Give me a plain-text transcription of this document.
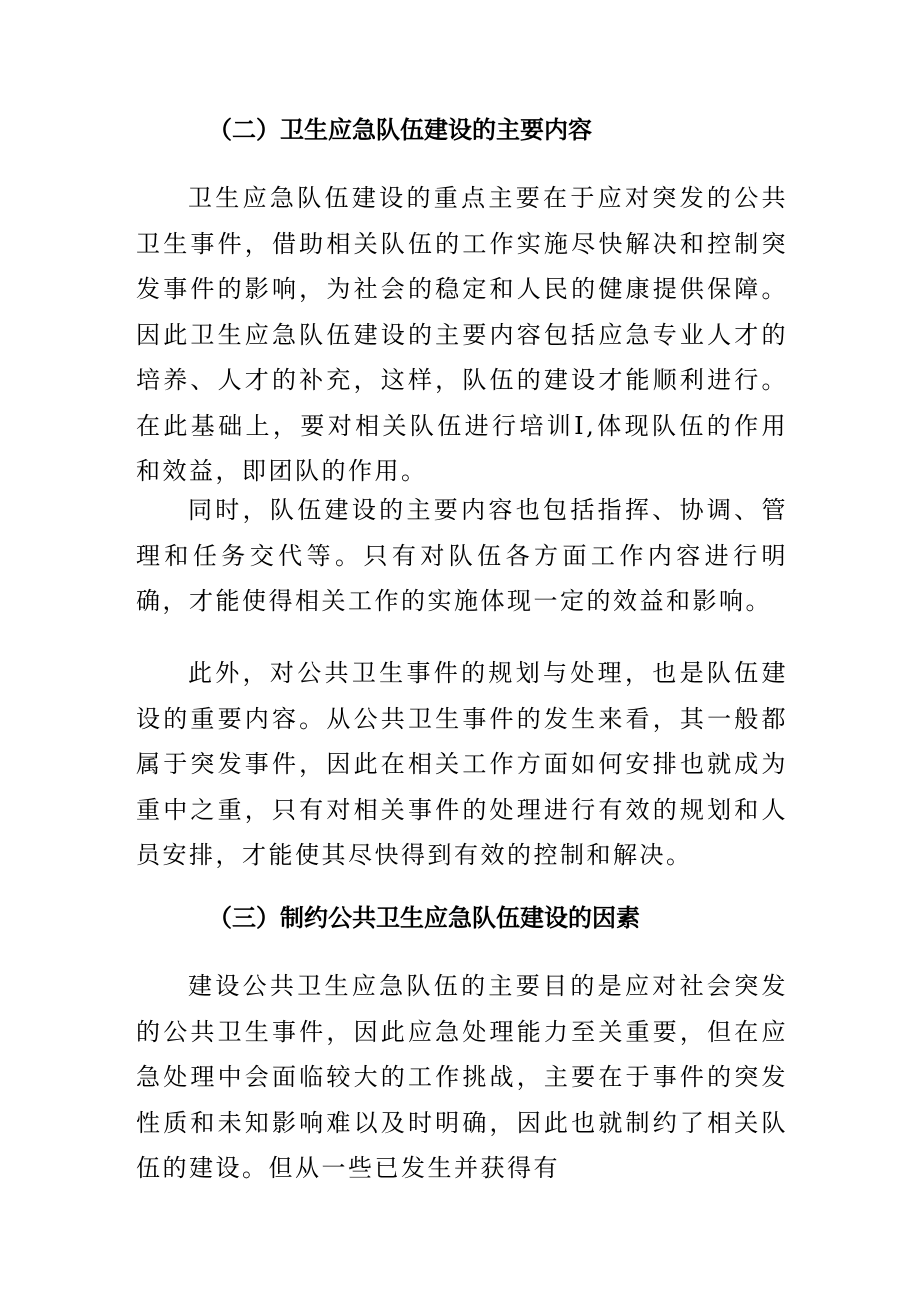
（二）卫生应急队伍建设的主要内容

卫生应急队伍建设的重点主要在于应对突发的公共卫生事件，借助相关队伍的工作实施尽快解决和控制突发事件的影响，为社会的稳定和人民的健康提供保障。因此卫生应急队伍建设的主要内容包括应急专业人才的培养、人才的补充，这样，队伍的建设才能顺利进行。在此基础上，要对相关队伍进行培训I,体现队伍的作用和效益，即团队的作用。

同时，队伍建设的主要内容也包括指挥、协调、管理和任务交代等。只有对队伍各方面工作内容进行明确，才能使得相关工作的实施体现一定的效益和影响。

此外，对公共卫生事件的规划与处理，也是队伍建设的重要内容。从公共卫生事件的发生来看，其一般都属于突发事件，因此在相关工作方面如何安排也就成为重中之重，只有对相关事件的处理进行有效的规划和人员安排，才能使其尽快得到有效的控制和解决。

（三）制约公共卫生应急队伍建设的因素

建设公共卫生应急队伍的主要目的是应对社会突发的公共卫生事件，因此应急处理能力至关重要，但在应急处理中会面临较大的工作挑战，主要在于事件的突发性质和未知影响难以及时明确，因此也就制约了相关队伍的建设。但从一些已发生并获得有
